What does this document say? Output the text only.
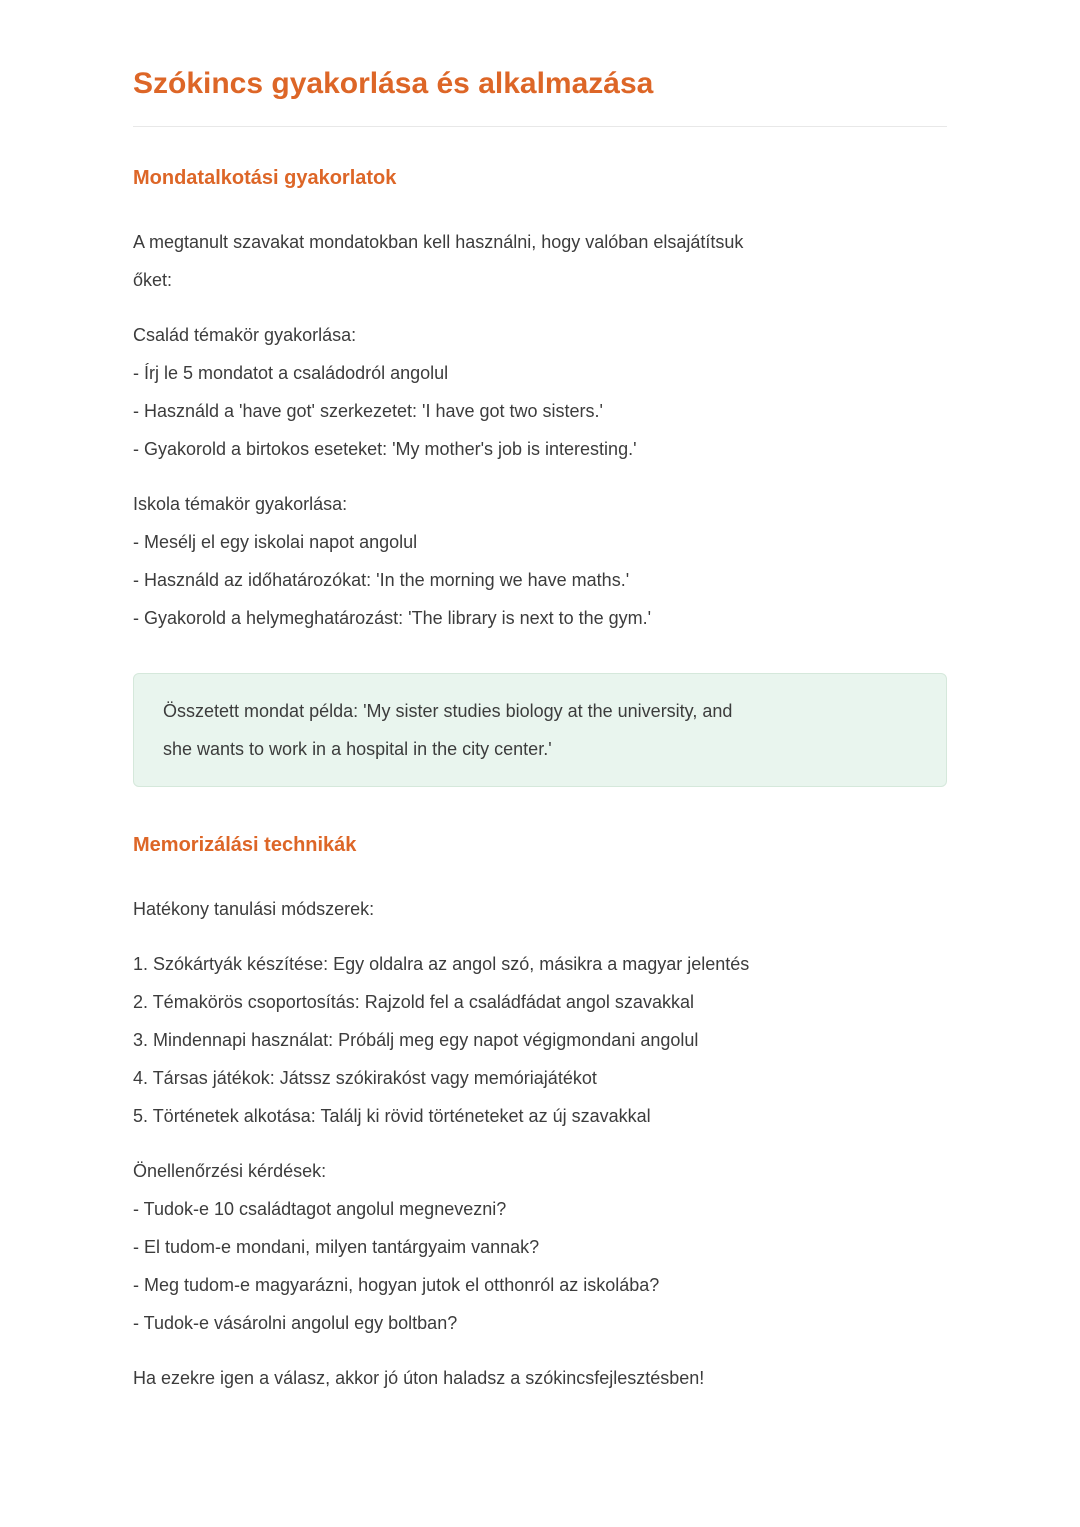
Szókincs gyakorlása és alkalmazása
Mondatalkotási gyakorlatok
A megtanult szavakat mondatokban kell használni, hogy valóban elsajátítsuk
őket:
Család témakör gyakorlása:
- Írj le 5 mondatot a családodról angolul
- Használd a 'have got' szerkezetet: 'I have got two sisters.'
- Gyakorold a birtokos eseteket: 'My mother's job is interesting.'
Iskola témakör gyakorlása:
- Mesélj el egy iskolai napot angolul
- Használd az időhatározókat: 'In the morning we have maths.'
- Gyakorold a helymeghatározást: 'The library is next to the gym.'
Összetett mondat példa: 'My sister studies biology at the university, and
she wants to work in a hospital in the city center.'
Memorizálási technikák
Hatékony tanulási módszerek:
1. Szókártyák készítése: Egy oldalra az angol szó, másikra a magyar jelentés
2. Témakörös csoportosítás: Rajzold fel a családfádat angol szavakkal
3. Mindennapi használat: Próbálj meg egy napot végigmondani angolul
4. Társas játékok: Játssz szókirakóst vagy memóriajátékot
5. Történetek alkotása: Találj ki rövid történeteket az új szavakkal
Önellenőrzési kérdések:
- Tudok-e 10 családtagot angolul megnevezni?
- El tudom-e mondani, milyen tantárgyaim vannak?
- Meg tudom-e magyarázni, hogyan jutok el otthonról az iskolába?
- Tudok-e vásárolni angolul egy boltban?
Ha ezekre igen a válasz, akkor jó úton haladsz a szókincsfejlesztésben!
